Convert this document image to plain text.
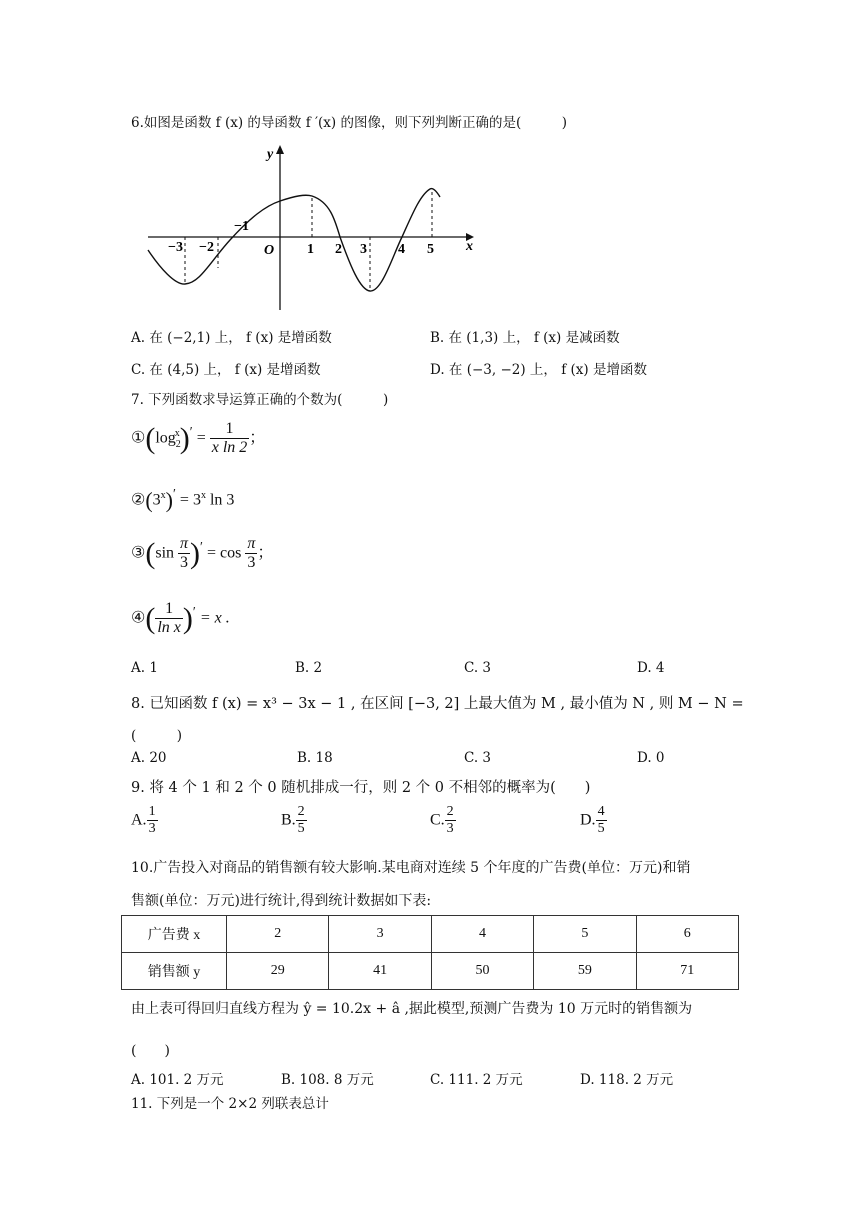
6.如图是函数 f (x) 的导函数 f ′(x) 的图像，则下列判断正确的是(　　　)
y
x
O
−1
−3 −2	1 2 3 4 5
A. 在 (−2,1) 上， f (x) 是增函数	B. 在 (1,3) 上， f (x) 是减函数
C. 在 (4,5) 上， f (x) 是增函数	D. 在 (−3, −2) 上， f (x) 是增函数
7. 下列函数求导运算正确的个数为(　　　)
$①(\log_2^x)' = \frac{1}{\text{x ln 2}}$ ；
$②(3^x)' = 3^x$ ln 3
③(sin $\frac{\pi}{3} )' = \cos \frac{\pi}{3}$ ；
④( $\frac{1}{\text{ln x}} )' = x$ .
A. 1	B. 2	C. 3	D. 4
8. 已知函数 f (x) = x³ − 3x − 1 , 在区间 [−3, 2] 上最大值为 M , 最小值为 N , 则 M − N =
(　　　)
A. 20	B. 18	C. 3	D. 0
9. 将 4 个 1 和 2 个 0 随机排成一行，则 2 个 0 不相邻的概率为(　　)
A. $\frac{1}{3}$	B. $\frac{2}{5}$	C. $\frac{2}{3}$	D. $\frac{4}{5}$
10.广告投入对商品的销售额有较大影响.某电商对连续 5 个年度的广告费(单位：万元)和销
售额(单位：万元)进行统计,得到统计数据如下表:
广告费 x	2	3	4	5	6
销售额 y	29	41	50	59	71
由上表可得回归直线方程为 ŷ = 10.2x + â ,据此模型,预测广告费为 10 万元时的销售额为
(　　)
A. 101. 2 万元	B. 108. 8 万元	C. 111. 2 万元	D. 118. 2 万元
11. 下列是一个 2×2 列联表总计
